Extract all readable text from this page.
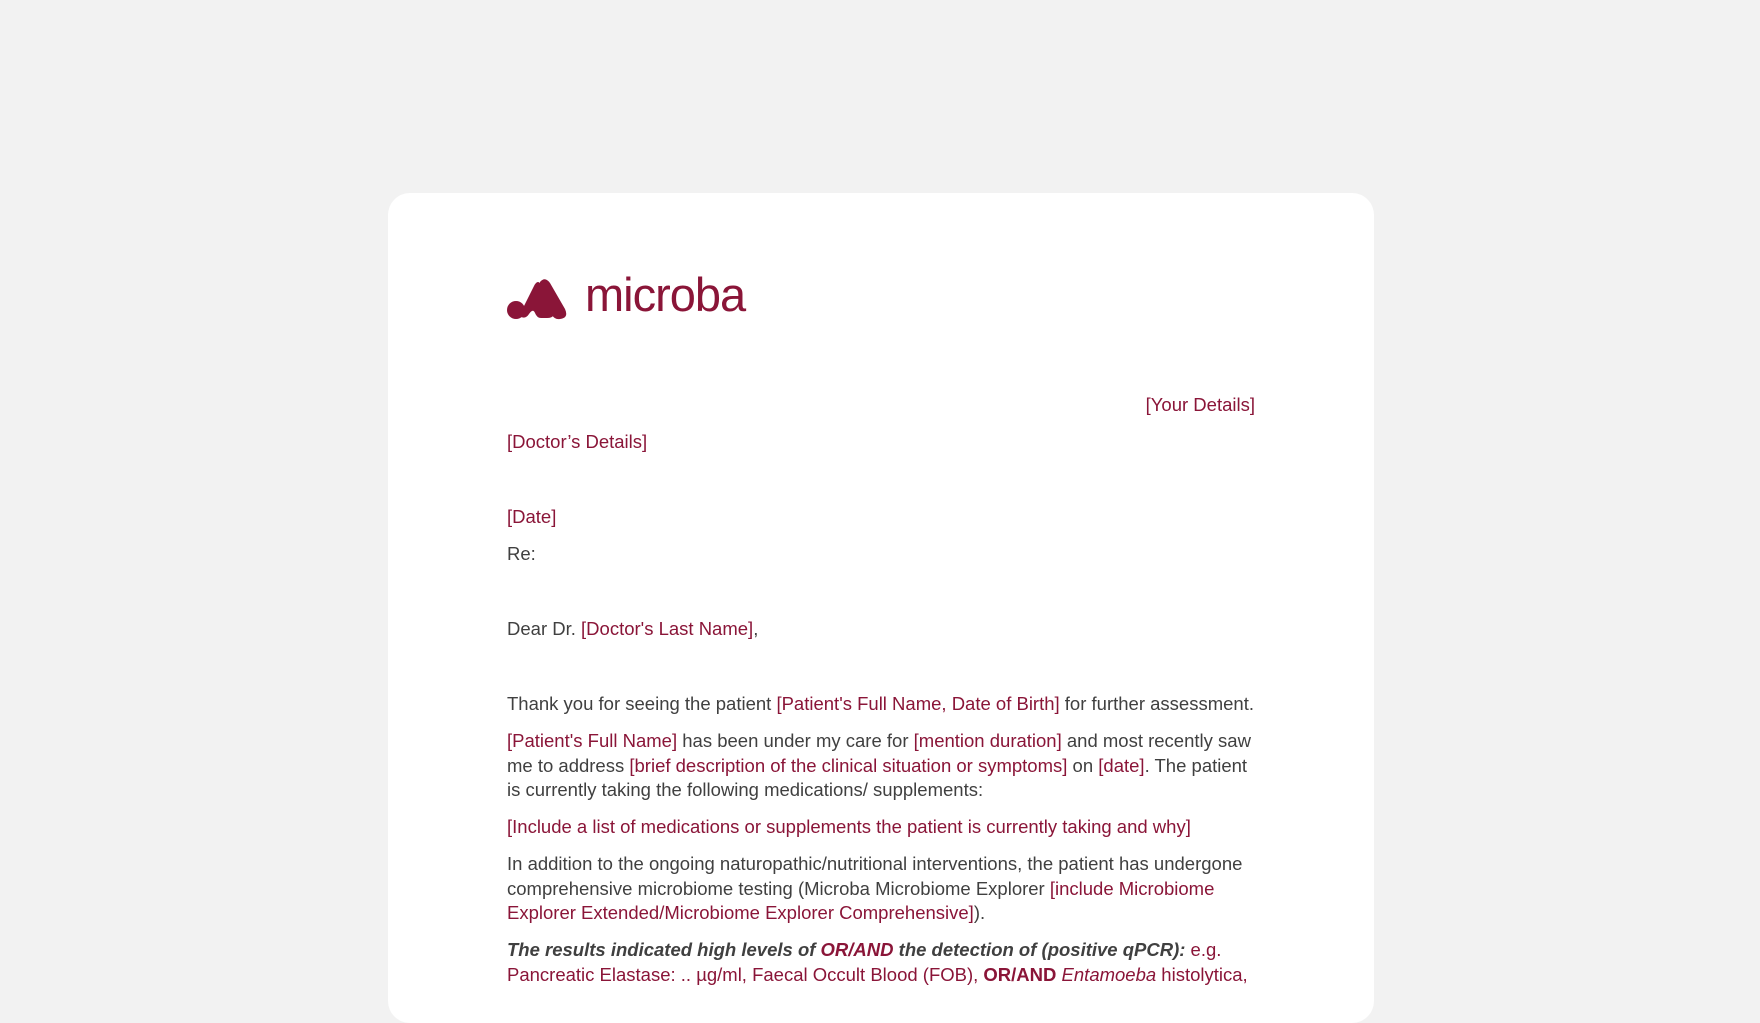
microba
[Your Details]
[Doctor’s Details]
[Date]
Re:
Dear Dr. [Doctor's Last Name],
Thank you for seeing the patient [Patient's Full Name, Date of Birth] for further assessment.
[Patient's Full Name] has been under my care for [mention duration] and most recently saw me to address [brief description of the clinical situation or symptoms] on [date]. The patient is currently taking the following medications/ supplements:
[Include a list of medications or supplements the patient is currently taking and why]
In addition to the ongoing naturopathic/nutritional interventions, the patient has undergone comprehensive microbiome testing (Microba Microbiome Explorer [include Microbiome Explorer Extended/Microbiome Explorer Comprehensive]).
The results indicated high levels of OR/AND the detection of (positive qPCR): e.g. Pancreatic Elastase: .. µg/ml, Faecal Occult Blood (FOB), OR/AND Entamoeba histolytica,
